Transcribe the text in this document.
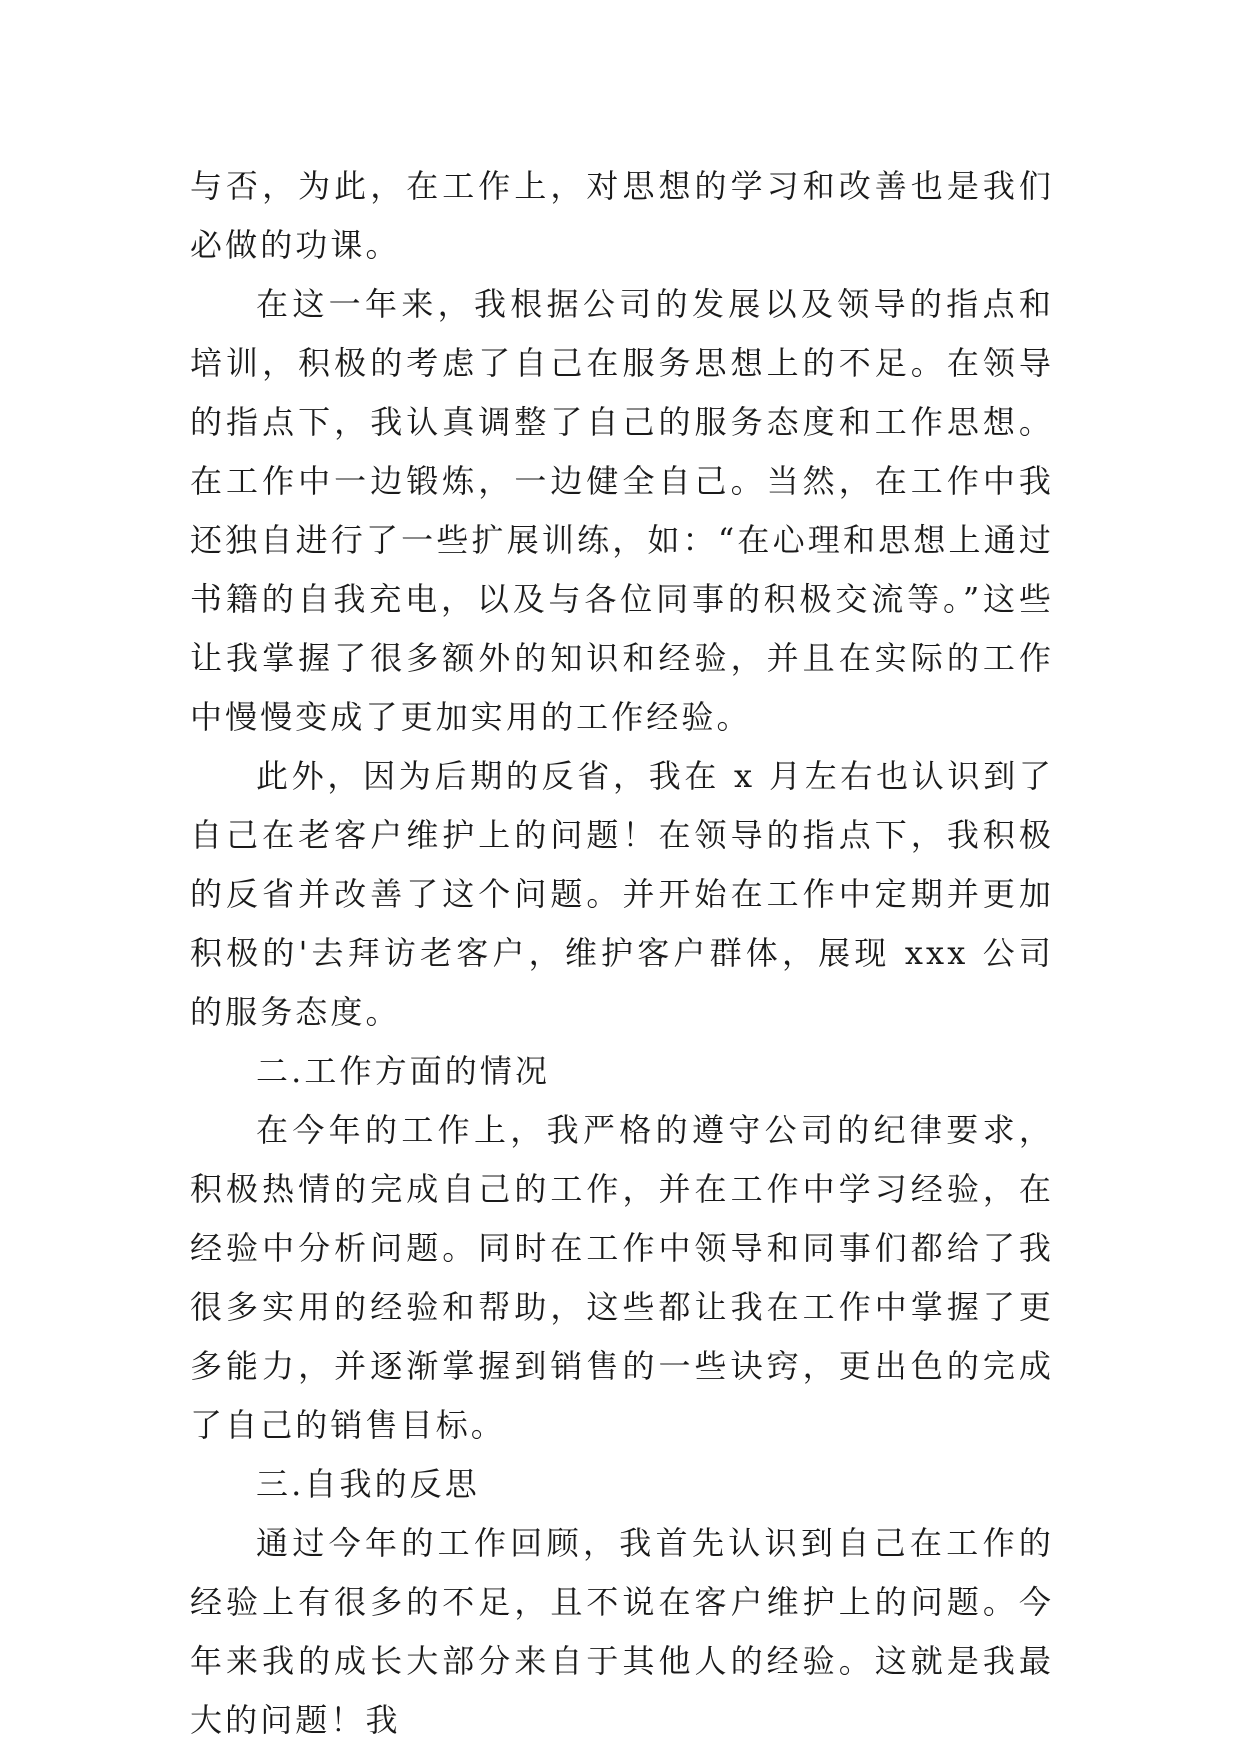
与否，为此，在工作上，对思想的学习和改善也是我们必做的功课。

在这一年来，我根据公司的发展以及领导的指点和培训，积极的考虑了自己在服务思想上的不足。在领导的指点下，我认真调整了自己的服务态度和工作思想。在工作中一边锻炼，一边健全自己。当然，在工作中我还独自进行了一些扩展训练，如：“在心理和思想上通过书籍的自我充电，以及与各位同事的积极交流等。”这些让我掌握了很多额外的知识和经验，并且在实际的工作中慢慢变成了更加实用的工作经验。

此外，因为后期的反省，我在 x 月左右也认识到了自己在老客户维护上的问题！在领导的指点下，我积极的反省并改善了这个问题。并开始在工作中定期并更加积极的'去拜访老客户，维护客户群体，展现 xxx 公司的服务态度。

二.工作方面的情况

在今年的工作上，我严格的遵守公司的纪律要求，积极热情的完成自己的工作，并在工作中学习经验，在经验中分析问题。同时在工作中领导和同事们都给了我很多实用的经验和帮助，这些都让我在工作中掌握了更多能力，并逐渐掌握到销售的一些诀窍，更出色的完成了自己的销售目标。

三.自我的反思

通过今年的工作回顾，我首先认识到自己在工作的经验上有很多的不足，且不说在客户维护上的问题。今年来我的成长大部分来自于其他人的经验。这就是我最大的问题！我
